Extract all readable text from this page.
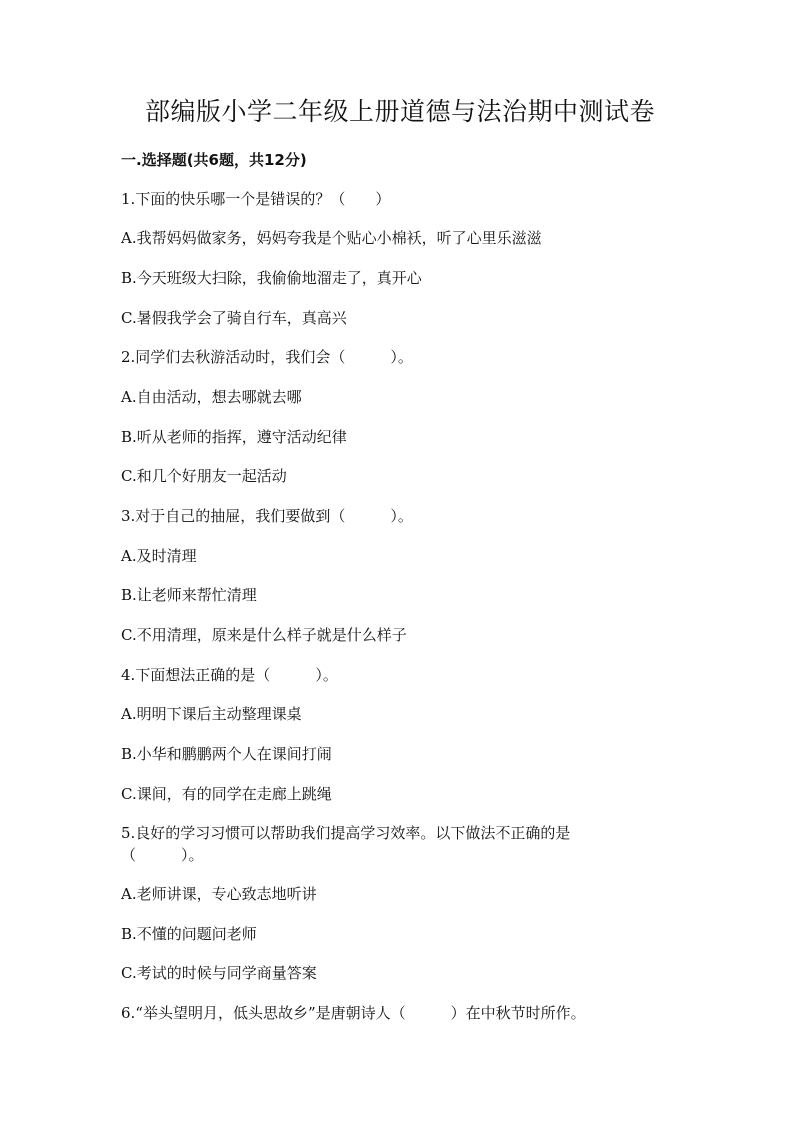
部编版小学二年级上册道德与法治期中测试卷
一.选择题(共6题，共12分)
1.下面的快乐哪一个是错误的？（　　）
A.我帮妈妈做家务，妈妈夸我是个贴心小棉袄，听了心里乐滋滋
B.今天班级大扫除，我偷偷地溜走了，真开心
C.暑假我学会了骑自行车，真高兴
2.同学们去秋游活动时，我们会（　　　）。
A.自由活动，想去哪就去哪
B.听从老师的指挥，遵守活动纪律
C.和几个好朋友一起活动
3.对于自己的抽屉，我们要做到（　　　）。
A.及时清理
B.让老师来帮忙清理
C.不用清理，原来是什么样子就是什么样子
4.下面想法正确的是（　　　）。
A.明明下课后主动整理课桌
B.小华和鹏鹏两个人在课间打闹
C.课间，有的同学在走廊上跳绳
5.良好的学习习惯可以帮助我们提高学习效率。以下做法不正确的是
（　　　）。
A.老师讲课，专心致志地听讲
B.不懂的问题问老师
C.考试的时候与同学商量答案
6.“举头望明月，低头思故乡”是唐朝诗人（　　　）在中秋节时所作。
